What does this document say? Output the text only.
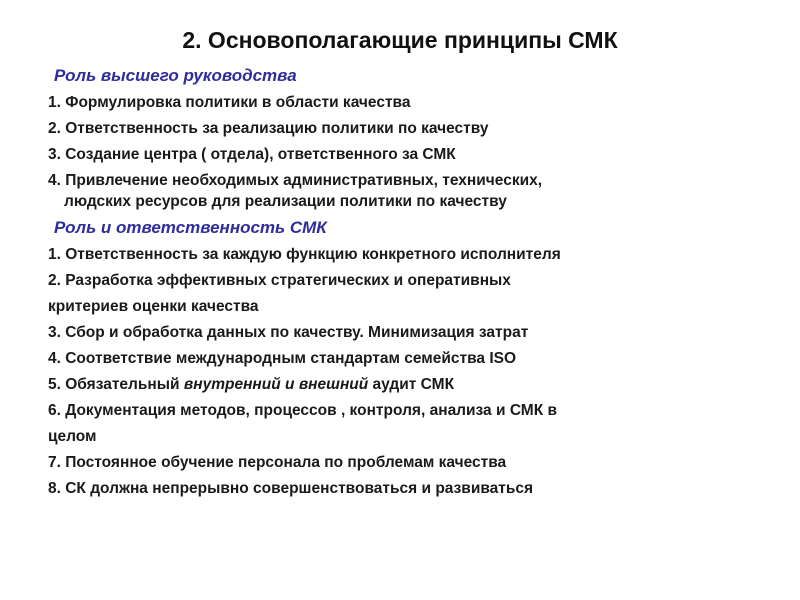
2. Основополагающие принципы СМК
Роль высшего руководства
1. Формулировка политики в области качества
2. Ответственность за реализацию политики по качеству
3. Создание центра ( отдела), ответственного за СМК
4. Привлечение необходимых административных, технических,
людских ресурсов для реализации политики по качеству
Роль и ответственность СМК
1. Ответственность за каждую функцию конкретного исполнителя
2. Разработка эффективных стратегических и оперативных
критериев оценки качества
3. Сбор и обработка данных по качеству. Минимизация затрат
4. Соответствие международным стандартам семейства ISO
5. Обязательный внутренний и внешний аудит СМК
6. Документация методов, процессов , контроля, анализа и СМК в
целом
7. Постоянное обучение персонала по проблемам качества
8. СК должна непрерывно совершенствоваться и развиваться
